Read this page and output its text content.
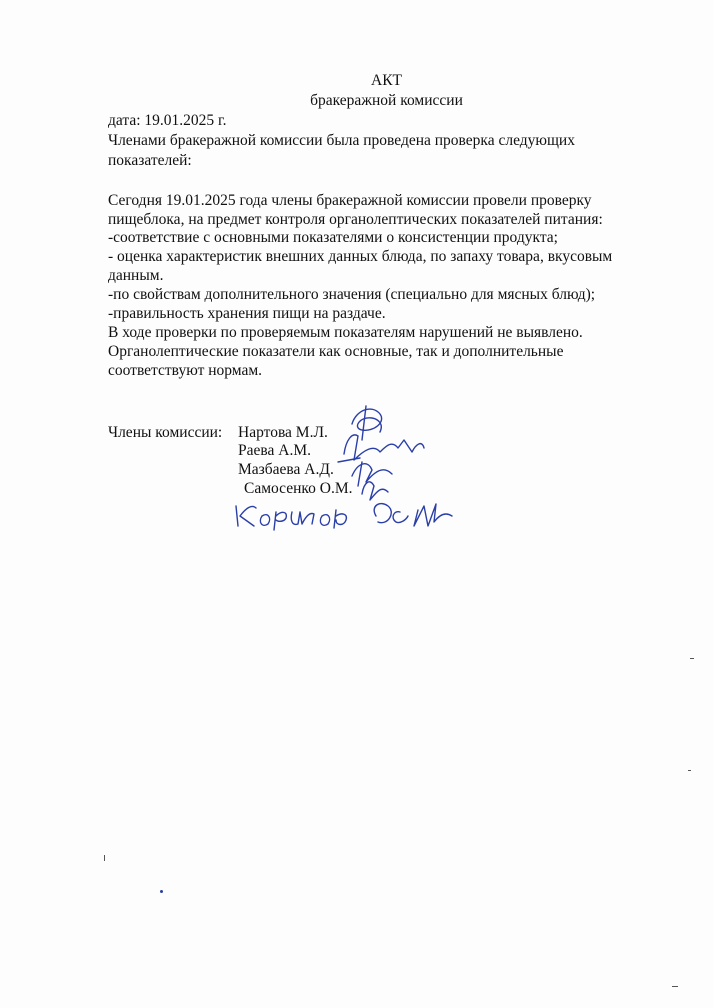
АКТ
бракеражной комиссии
дата: 19.01.2025 г.
Членами бракеражной комиссии была проведена проверка следующих
показателей:
Сегодня 19.01.2025 года члены бракеражной комиссии провели проверку
пищеблока, на предмет контроля органолептических показателей питания:
-соответствие с основными показателями о консистенции продукта;
- оценка характеристик внешних данных блюда, по запаху товара, вкусовым
данным.
-по свойствам дополнительного значения (специально для мясных блюд);
-правильность хранения пищи на раздаче.
В ходе проверки по проверяемым показателям нарушений не выявлено.
Органолептические показатели как основные, так и дополнительные
соответствуют нормам.
Члены комиссии: Нартова М.Л.
Раева А.М.
Мазбаева А.Д.
Самосенко О.М.
